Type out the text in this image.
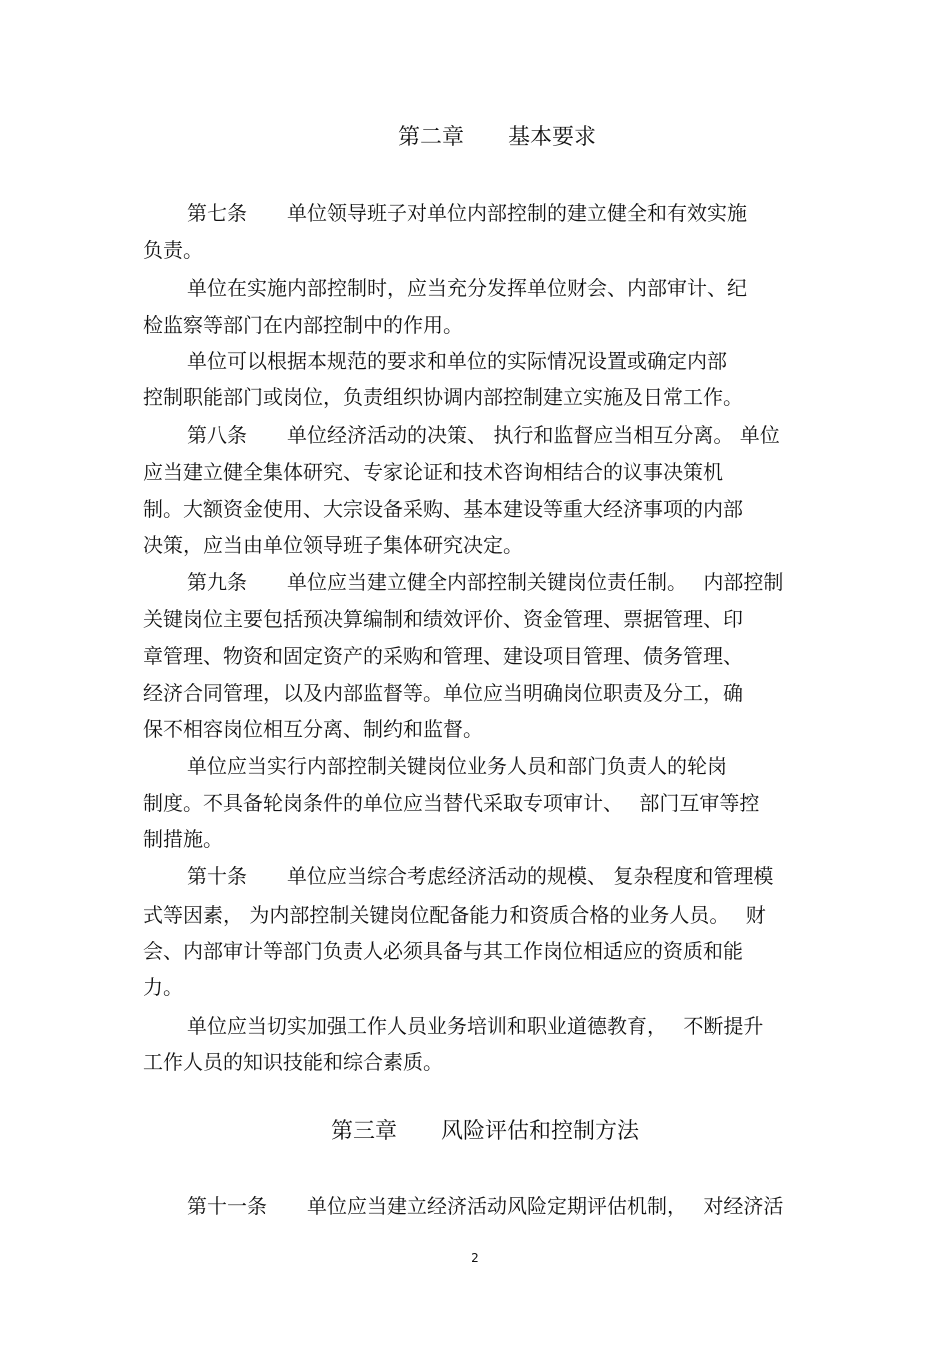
第二章　　基本要求
第七条　　单位领导班子对单位内部控制的建立健全和有效实施
负责。
单位在实施内部控制时，应当充分发挥单位财会、内部审计、纪
检监察等部门在内部控制中的作用。
单位可以根据本规范的要求和单位的实际情况设置或确定内部
控制职能部门或岗位，负责组织协调内部控制建立实施及日常工作。
第八条　　单位经济活动的决策、 执行和监督应当相互分离。 单位
应当建立健全集体研究、专家论证和技术咨询相结合的议事决策机
制。大额资金使用、大宗设备采购、基本建设等重大经济事项的内部
决策，应当由单位领导班子集体研究决定。
第九条　　单位应当建立健全内部控制关键岗位责任制。　 内部控制
关键岗位主要包括预决算编制和绩效评价、资金管理、票据管理、印
章管理、物资和固定资产的采购和管理、建设项目管理、债务管理、
经济合同管理，以及内部监督等。单位应当明确岗位职责及分工，确
保不相容岗位相互分离、制约和监督。
单位应当实行内部控制关键岗位业务人员和部门负责人的轮岗
制度。不具备轮岗条件的单位应当替代采取专项审计、　 部门互审等控
制措施。
第十条　　单位应当综合考虑经济活动的规模、 复杂程度和管理模
式等因素， 为内部控制关键岗位配备能力和资质合格的业务人员。　 财
会、内部审计等部门负责人必须具备与其工作岗位相适应的资质和能
力。
单位应当切实加强工作人员业务培训和职业道德教育，　 不断提升
工作人员的知识技能和综合素质。
第三章　　风险评估和控制方法
第十一条　　单位应当建立经济活动风险定期评估机制，　 对经济活
2
